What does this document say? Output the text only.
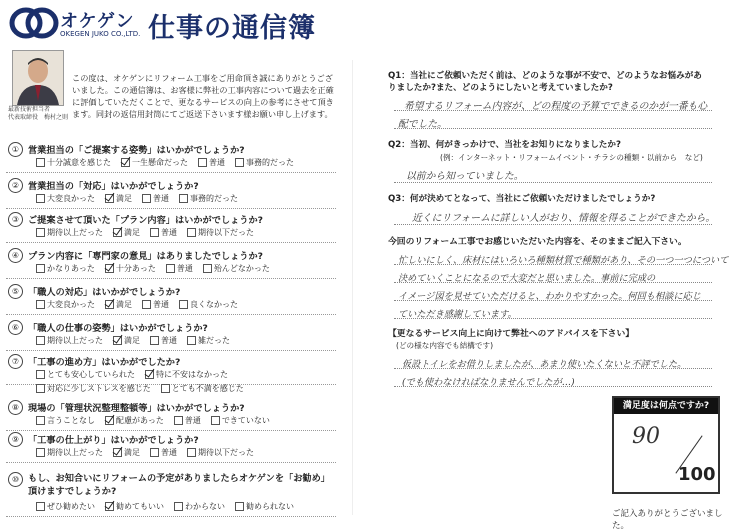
オケゲン
OKEGEN JUKO CO.,LTD. 仕事の通信簿
最新技術担当者
代表取締役　梅村之則
この度は、オケゲンにリフォーム工事をご用命頂き誠にありがとうございました。この通信簿は、お客様に弊社の工事内容について過去を正確に評価していただくことで、更なるサービスの向上の参考にさせて頂きます。同封の返信用封筒にてご返送下さいます様お願い申し上げます。
① 営業担当の「ご提案する姿勢」はいかがでしょうか?
十分誠意を感じた	一生懸命だった	普通	事務的だった
② 営業担当の「対応」はいかがでしょうか?
大変良かった	満足	普通	事務的だった
③ ご提案させて頂いた「プラン内容」はいかがでしょうか?
期待以上だった	満足	普通	期待以下だった
④ プラン内容に「専門家の意見」はありましたでしょうか?
かなりあった	十分あった	普通	殆んどなかった
⑤ 「職人の対応」はいかがでしょうか?
大変良かった	満足	普通	良くなかった
⑥ 「職人の仕事の姿勢」はいかがでしょうか?
期待以上だった	満足	普通	雑だった
⑦ 「工事の進め方」はいかがでしたか?
とても安心していられた	特に不安はなかった
対応に少しストレスを感じた	とても不満を感じた
⑧ 現場の「管理状況整理整頓等」はいかがでしょうか?
言うことなし	配慮があった	普通	できていない
⑨ 「工事の仕上がり」はいかがでしょうか?
期待以上だった	満足	普通	期待以下だった
⑩ もし、お知合いにリフォームの予定がありましたらオケゲンを「お勧め」頂けますでしょうか?
ぜひ勧めたい	勧めてもいい	わからない	勧められない
Q1：当社にご依頼いただく前は、どのような事が不安で、どのようなお悩みがありましたか?また、どのようにしたいと考えていましたか?
希望するリフォーム内容が、どの程度の予算でできるのかが一番も心
配でした。
Q2：当初、何がきっかけで、当社をお知りになりましたか?
(例：インターネット・リフォームイベント・チラシの種類・以前から　など)
以前から知っていました。
Q3：何が決めてとなって、当社にご依頼いただけましたでしょうか?
近くにリフォームに詳しい人がおり、情報を得ることができたから。
今回のリフォーム工事でお感じいただいた内容を、そのままご記入下さい。
忙しいにしく、床材にはいろいろ種類材質で種類があり、その一つ一つについて
決めていくことになるので大変だと思いました。事前に完成の
イメージ図を見せていただけると、わかりやすかった。何回も相談に応じ
ていただき感謝しています。
【更なるサービス向上に向けて弊社へのアドバイスを下さい】
(どの様な内容でも結構です)
仮設トイレをお借りしましたが、あまり使いたくないと不評でした。
(でも使わなければなりませんでしたが…)
満足度は何点ですか?
90
100
ご記入ありがとうございました。
